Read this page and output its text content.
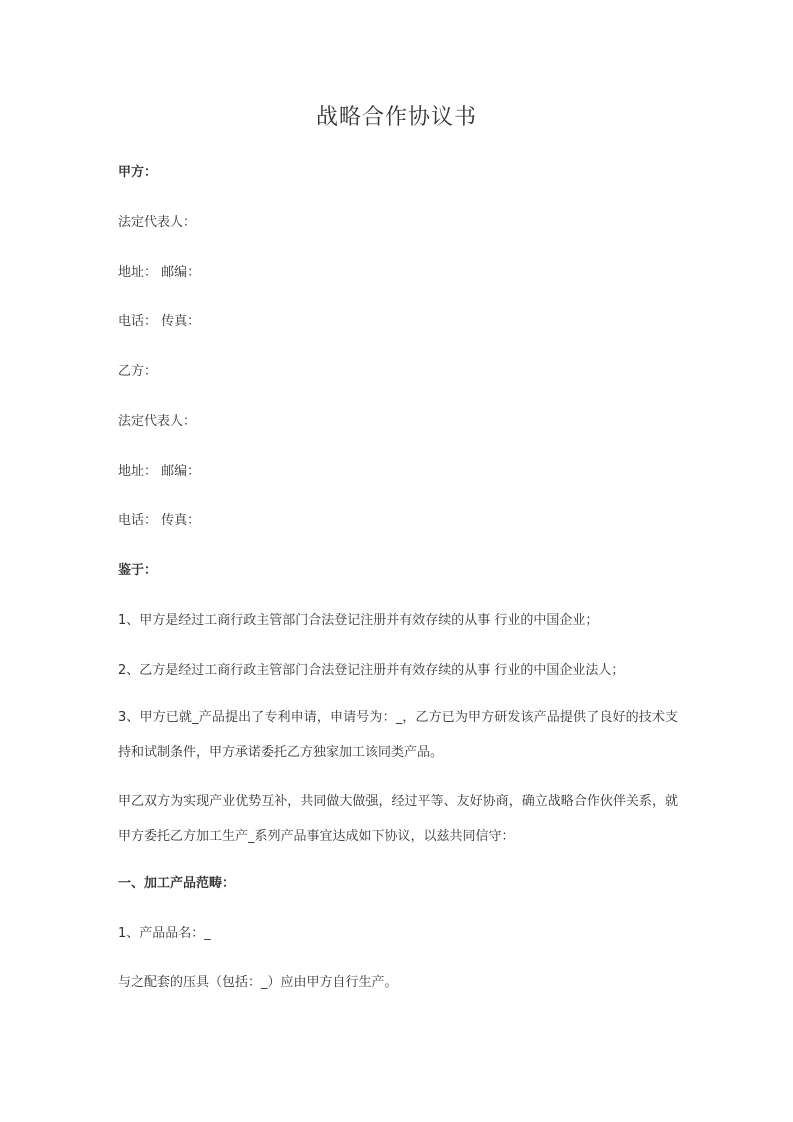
战略合作协议书
甲方：
法定代表人：
地址： 邮编：
电话： 传真：
乙方：
法定代表人：
地址： 邮编：
电话： 传真：
鉴于：
1、甲方是经过工商行政主管部门合法登记注册并有效存续的从事 行业的中国企业；
2、乙方是经过工商行政主管部门合法登记注册并有效存续的从事 行业的中国企业法人；
3、甲方已就_产品提出了专利申请，申请号为：_，乙方已为甲方研发该产品提供了良好的技术支持和试制条件，甲方承诺委托乙方独家加工该同类产品。
甲乙双方为实现产业优势互补，共同做大做强，经过平等、友好协商，确立战略合作伙伴关系，就甲方委托乙方加工生产_系列产品事宜达成如下协议，以兹共同信守：
一、加工产品范畴：
1、产品品名：_
与之配套的压具（包括：_）应由甲方自行生产。
